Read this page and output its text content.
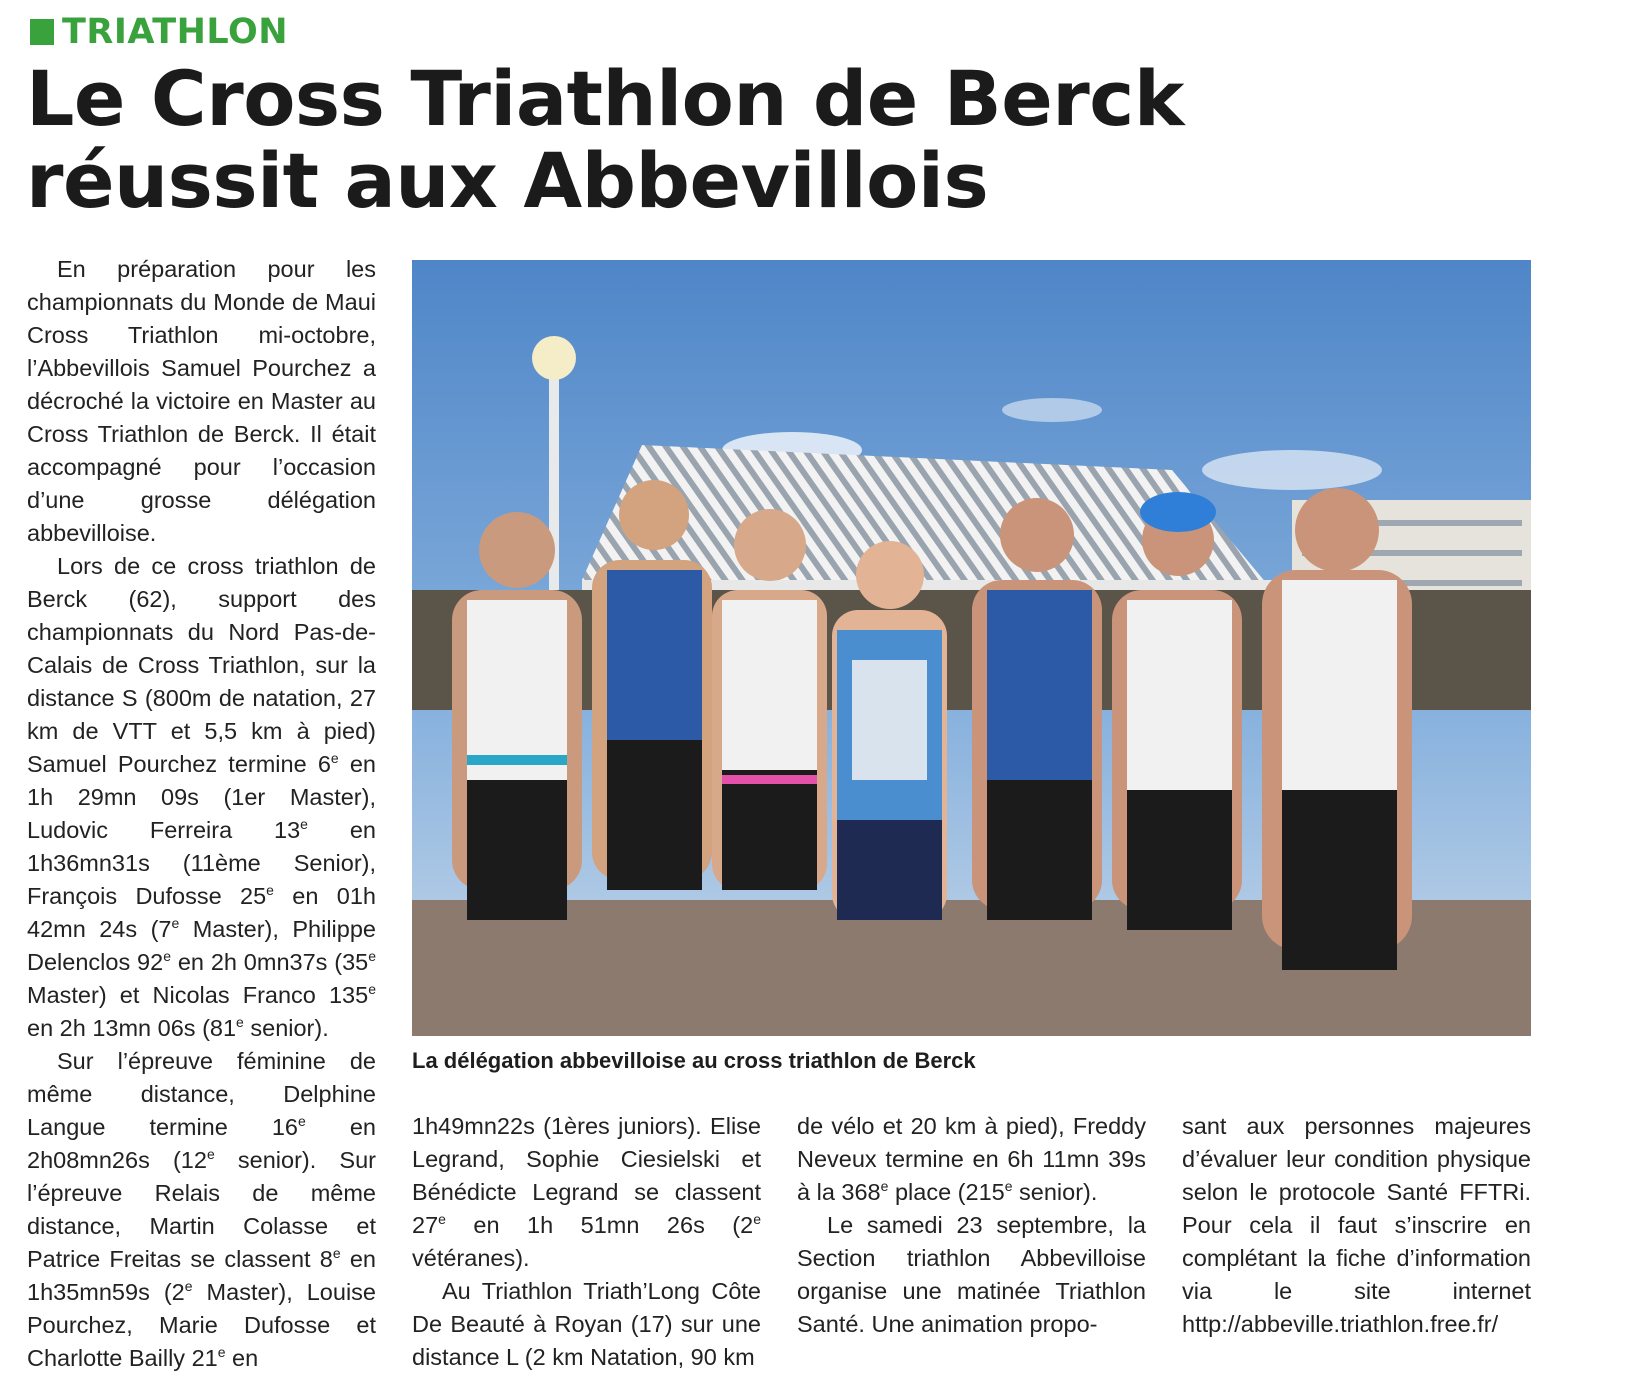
TRIATHLON
Le Cross Triathlon de Berck
réussit aux Abbevillois

En préparation pour les championnats du Monde de Maui Cross Triathlon mi-octobre, l’Abbevillois Samuel Pourchez a décroché la victoire en Master au Cross Triathlon de Berck. Il était accompagné pour l’occasion d’une grosse délégation abbevilloise.

Lors de ce cross triathlon de Berck (62), support des championnats du Nord Pas-de-Calais de Cross Triathlon, sur la distance S (800m de natation, 27 km de VTT et 5,5 km à pied) Samuel Pourchez termine 6e en 1h 29mn 09s (1er Master), Ludovic Ferreira 13e en 1h36mn31s (11ème Senior), François Dufosse 25e en 01h 42mn 24s (7e Master), Philippe Delenclos 92e en 2h 0mn37s (35e Master) et Nicolas Franco 135e en 2h 13mn 06s (81e senior).

Sur l’épreuve féminine de même distance, Delphine Langue termine 16e en 2h08mn26s (12e senior). Sur l’épreuve Relais de même distance, Martin Colasse et Patrice Freitas se classent 8e en 1h35mn59s (2e Master), Louise Pourchez, Marie Dufosse et Charlotte Bailly 21e en

La délégation abbevilloise au cross triathlon de Berck

1h49mn22s (1ères juniors). Elise Legrand, Sophie Ciesielski et Bénédicte Legrand se classent 27e en 1h 51mn 26s (2e vétéranes).

Au Triathlon Triath’Long Côte De Beauté à Royan (17) sur une distance L (2 km Natation, 90 km

de vélo et 20 km à pied), Freddy Neveux termine en 6h 11mn 39s à la 368e place (215e senior).

Le samedi 23 septembre, la Section triathlon Abbevilloise organise une matinée Triathlon Santé. Une animation propo-

sant aux personnes majeures d’évaluer leur condition physique selon le protocole Santé FFTRi. Pour cela il faut s’inscrire en complétant la fiche d’information via le site internet http://abbeville.triathlon.free.fr/
